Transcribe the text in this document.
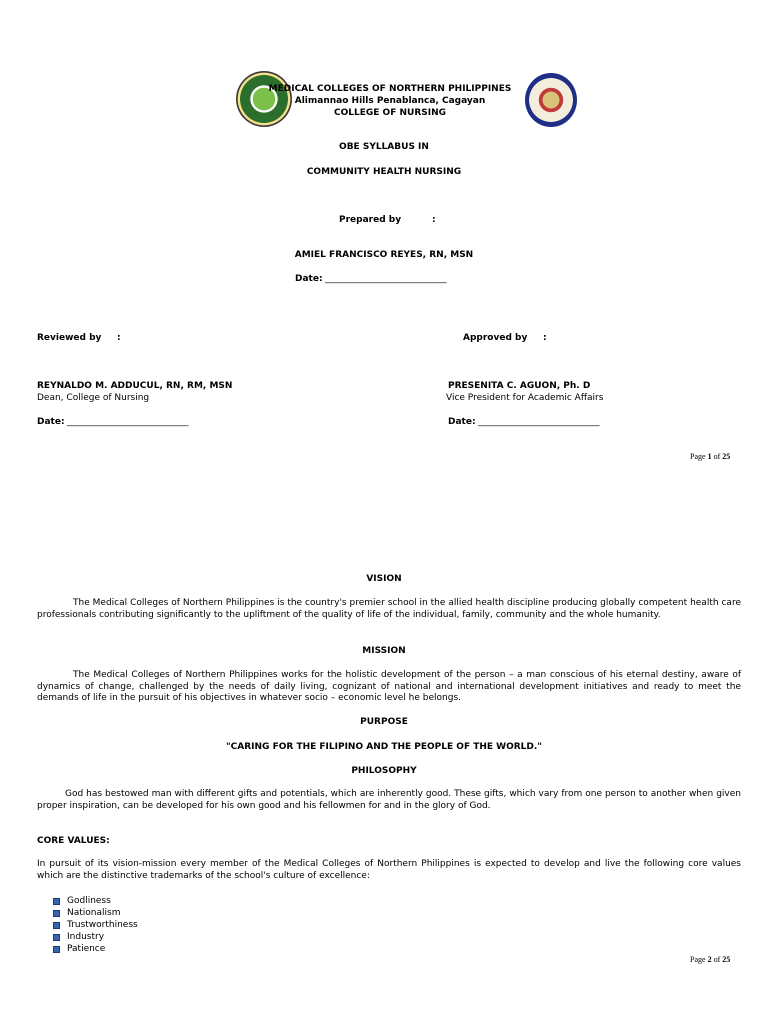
MEDICAL COLLEGES OF NORTHERN PHILIPPINES
Alimannao Hills Penablanca, Cagayan
COLLEGE OF NURSING
OBE SYLLABUS IN
COMMUNITY HEALTH NURSING
Prepared by	:
AMIEL FRANCISCO REYES, RN, MSN
Date: ___________________________
Reviewed by :	Approved by :
REYNALDO M. ADDUCUL, RN, RM, MSN
Dean, College of Nursing
PRESENITA C. AGUON, Ph. D
Vice President for Academic Affairs
Date: ___________________________	Date: ___________________________
Page 1 of 25
VISION
The Medical Colleges of Northern Philippines is the country's premier school in the allied health discipline producing globally competent health care professionals contributing significantly to the upliftment of the quality of life of the individual, family, community and the whole humanity.
MISSION
The Medical Colleges of Northern Philippines works for the holistic development of the person – a man conscious of his eternal destiny, aware of dynamics of change, challenged by the needs of daily living, cognizant of national and international development initiatives and ready to meet the demands of life in the pursuit of his objectives in whatever socio – economic level he belongs.
PURPOSE
"CARING FOR THE FILIPINO AND THE PEOPLE OF THE WORLD."
PHILOSOPHY
God has bestowed man with different gifts and potentials, which are inherently good. These gifts, which vary from one person to another when given proper inspiration, can be developed for his own good and his fellowmen for and in the glory of God.
CORE VALUES:
In pursuit of its vision-mission every member of the Medical Colleges of Northern Philippines is expected to develop and live the following core values which are the distinctive trademarks of the school's culture of excellence:
Godliness
Nationalism
Trustworthiness
Industry
Patience
Page 2 of 25
